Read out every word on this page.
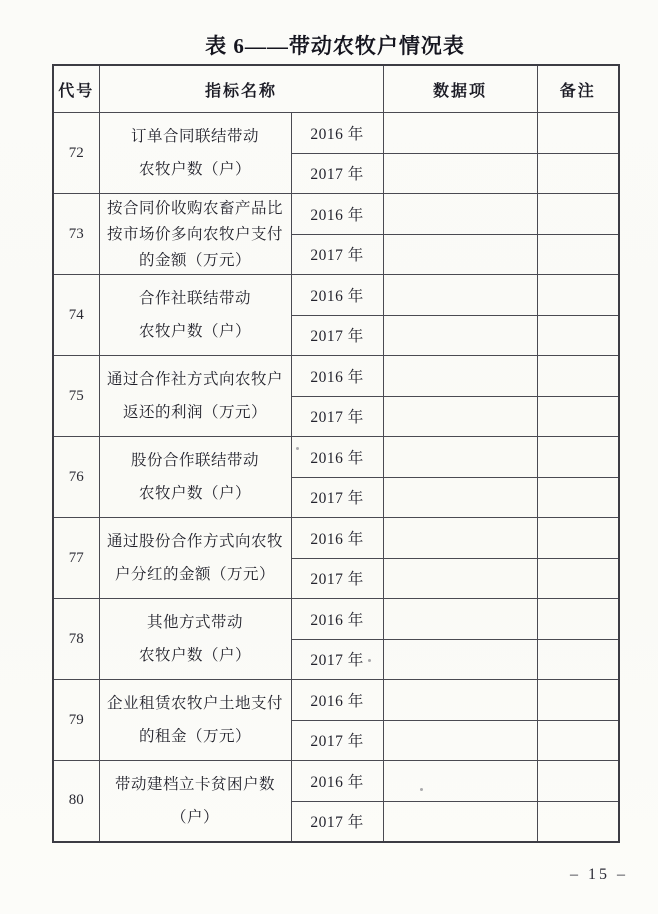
表 6——带动农牧户情况表
代号	指标名称		数据项	备注
72	订单合同联结带动
农牧户数（户）	2016 年		
		2017 年		
73	按合同价收购农畜产品比
按市场价多向农牧户支付
的金额（万元）	2016 年		
		2017 年		
74	合作社联结带动
农牧户数（户）	2016 年		
		2017 年		
75	通过合作社方式向农牧户
返还的利润（万元）	2016 年		
		2017 年		
76	股份合作联结带动
农牧户数（户）	2016 年		
		2017 年		
77	通过股份合作方式向农牧
户分红的金额（万元）	2016 年		
		2017 年		
78	其他方式带动
农牧户数（户）	2016 年		
		2017 年		
79	企业租赁农牧户土地支付
的租金（万元）	2016 年		
		2017 年		
80	带动建档立卡贫困户数
（户）	2016 年		
		2017 年		
– 15 –
